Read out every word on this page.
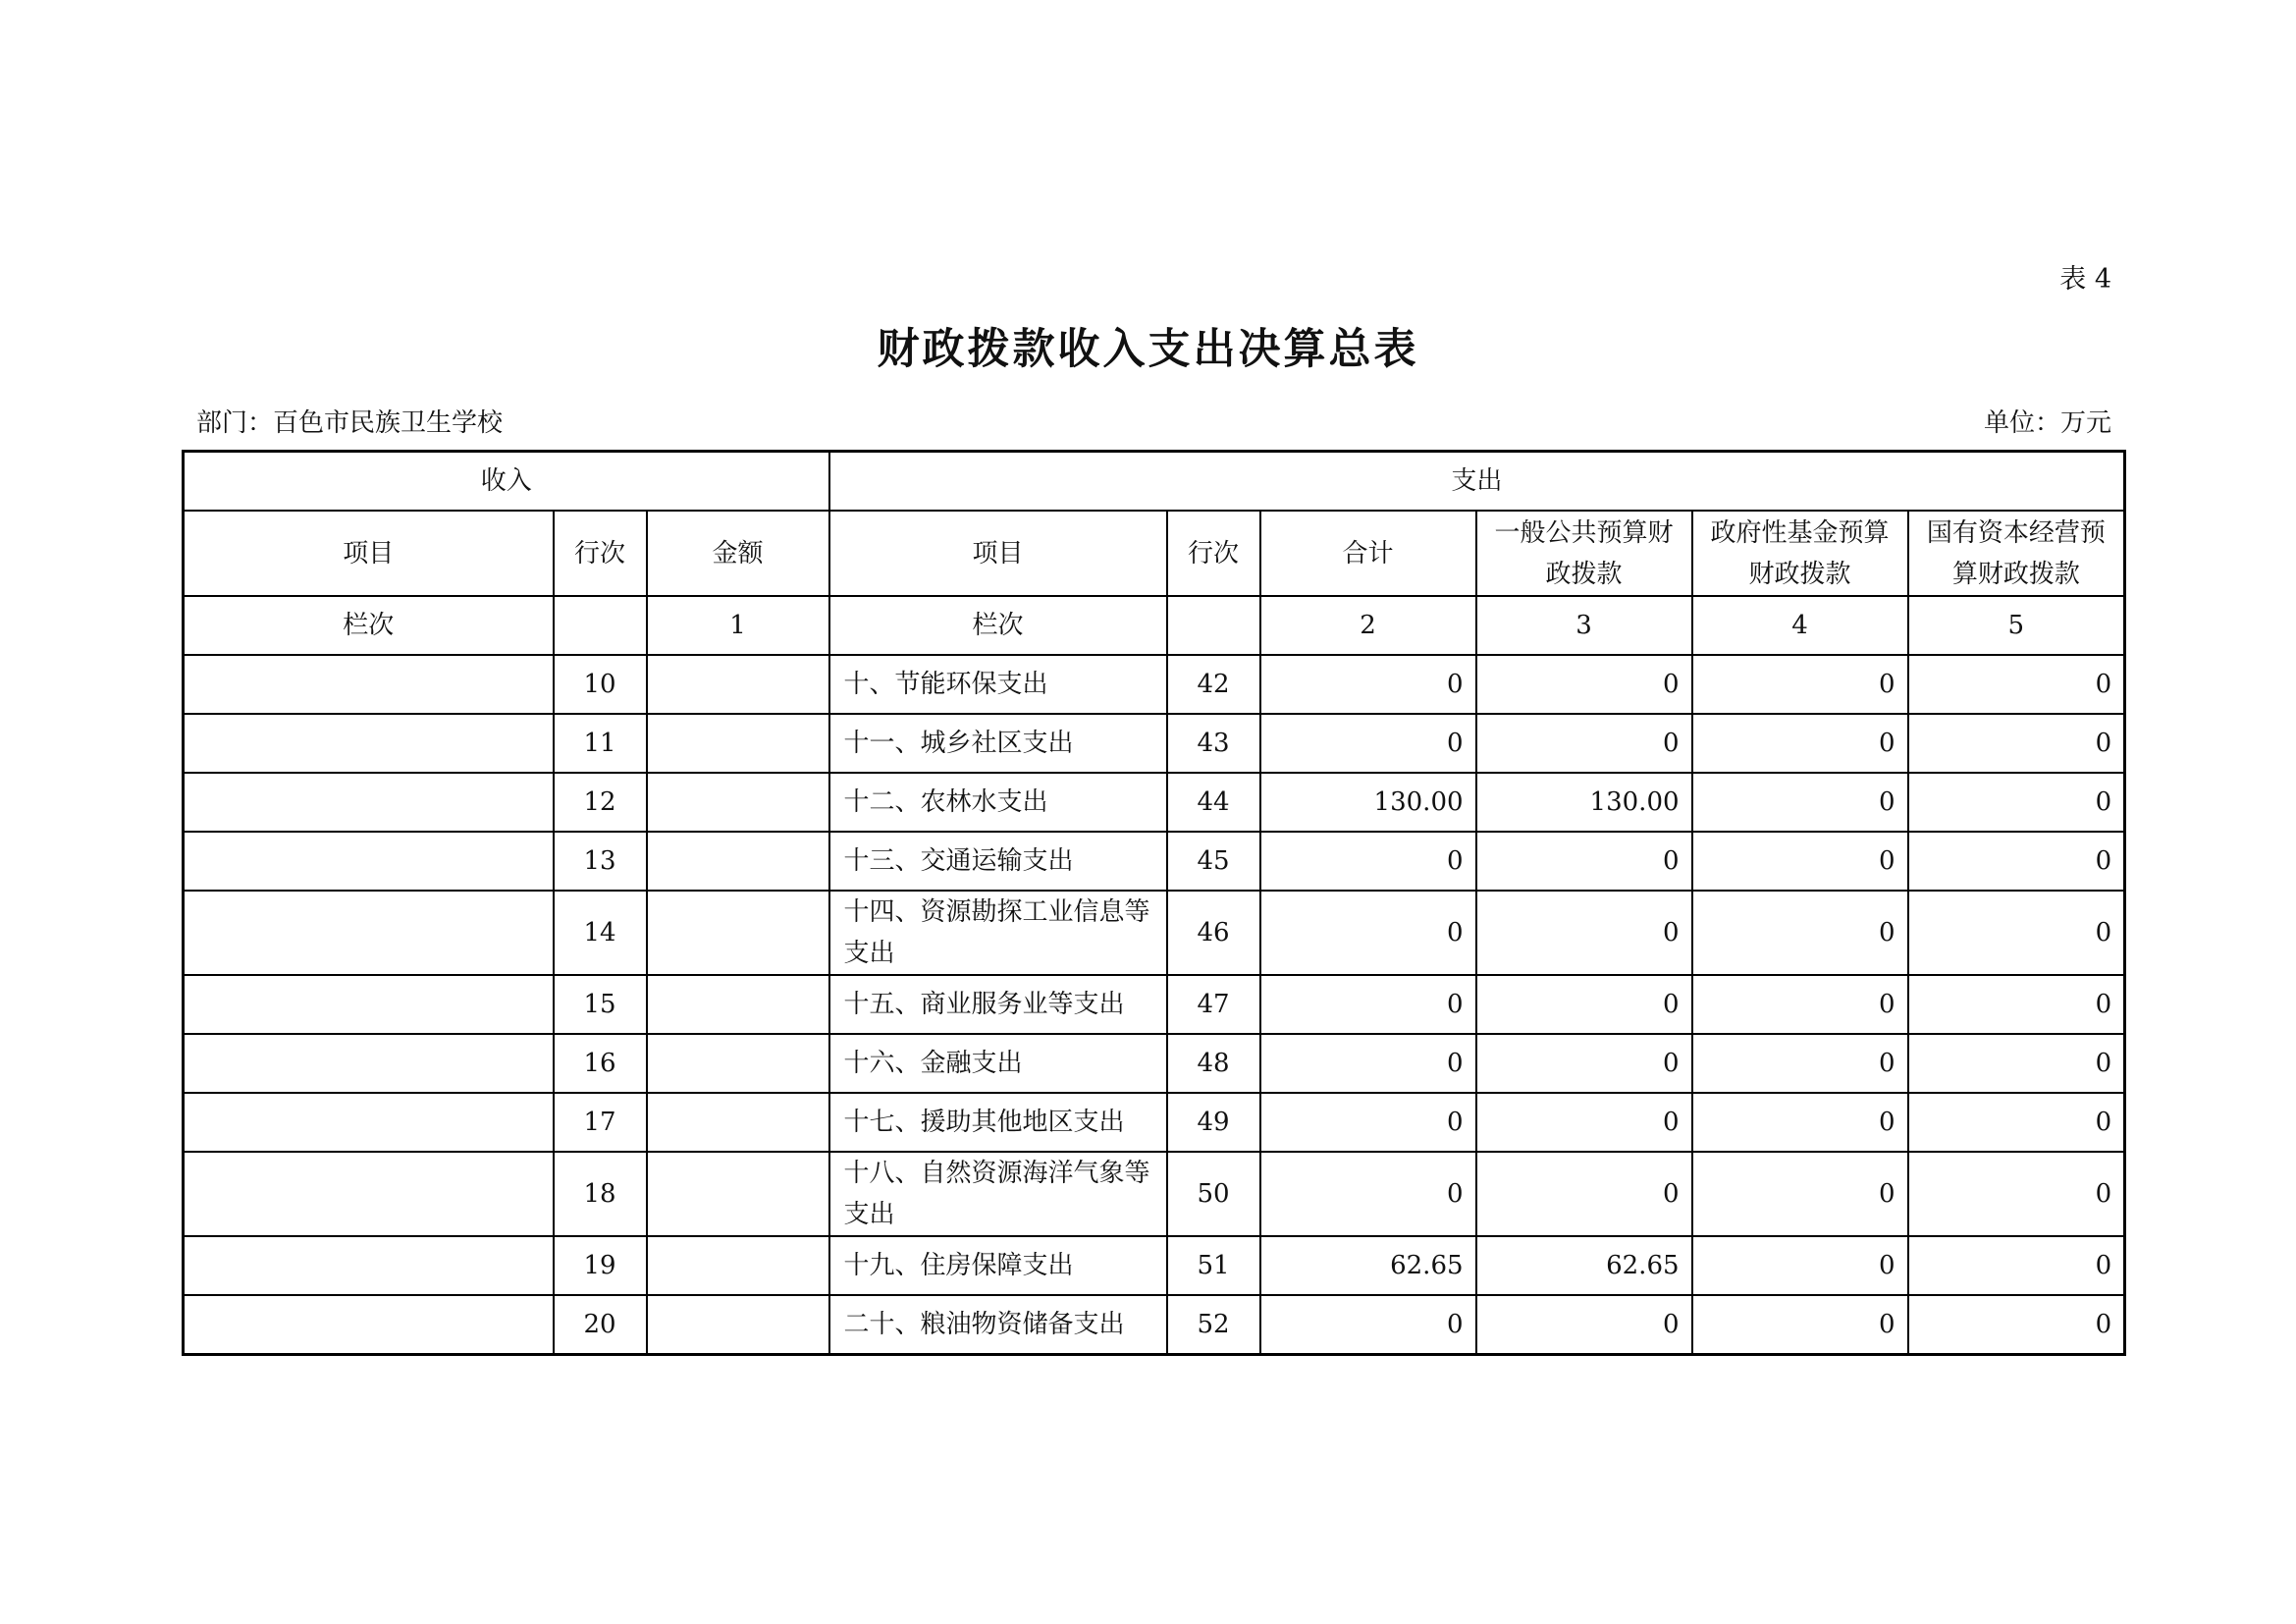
表 4
财政拨款收入支出决算总表
部门：百色市民族卫生学校	单位：万元
收入			支出					
项目	行次	金额	项目	行次	合计	一般公共预算财政拨款	政府性基金预算财政拨款	国有资本经营预算财政拨款
栏次		1	栏次		2	3	4	5
	10		十、节能环保支出	42	0	0	0	0
	11		十一、城乡社区支出	43	0	0	0	0
	12		十二、农林水支出	44	130.00	130.00	0	0
	13		十三、交通运输支出	45	0	0	0	0
	14		十四、资源勘探工业信息等支出	46	0	0	0	0
	15		十五、商业服务业等支出	47	0	0	0	0
	16		十六、金融支出	48	0	0	0	0
	17		十七、援助其他地区支出	49	0	0	0	0
	18		十八、自然资源海洋气象等支出	50	0	0	0	0
	19		十九、住房保障支出	51	62.65	62.65	0	0
	20		二十、粮油物资储备支出	52	0	0	0	0
